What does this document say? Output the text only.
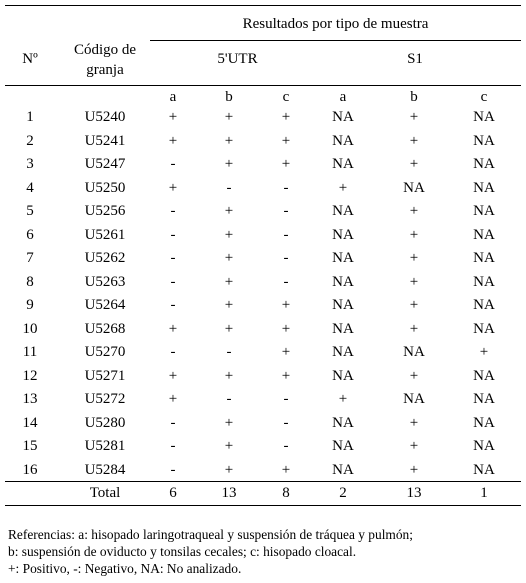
Resultados por tipo de muestra
Nº
Código de
granja
5'UTR	S1
a	b	c	a	b	c
1	U5240	+	+	+	NA	+	NA
2	U5241	+	+	+	NA	+	NA
3	U5247	-	+	+	NA	+	NA
4	U5250	+	-	-	+	NA	NA
5	U5256	-	+	-	NA	+	NA
6	U5261	-	+	-	NA	+	NA
7	U5262	-	+	-	NA	+	NA
8	U5263	-	+	-	NA	+	NA
9	U5264	-	+	+	NA	+	NA
10	U5268	+	+	+	NA	+	NA
11	U5270	-	-	+	NA	NA	+
12	U5271	+	+	+	NA	+	NA
13	U5272	+	-	-	+	NA	NA
14	U5280	-	+	-	NA	+	NA
15	U5281	-	+	-	NA	+	NA
16	U5284	-	+	+	NA	+	NA
Total	6	13	8	2	13	1
Referencias: a: hisopado laringotraqueal y suspensión de tráquea y pulmón;
b: suspensión de oviducto y tonsilas cecales; c: hisopado cloacal.
+: Positivo, -: Negativo, NA: No analizado.
